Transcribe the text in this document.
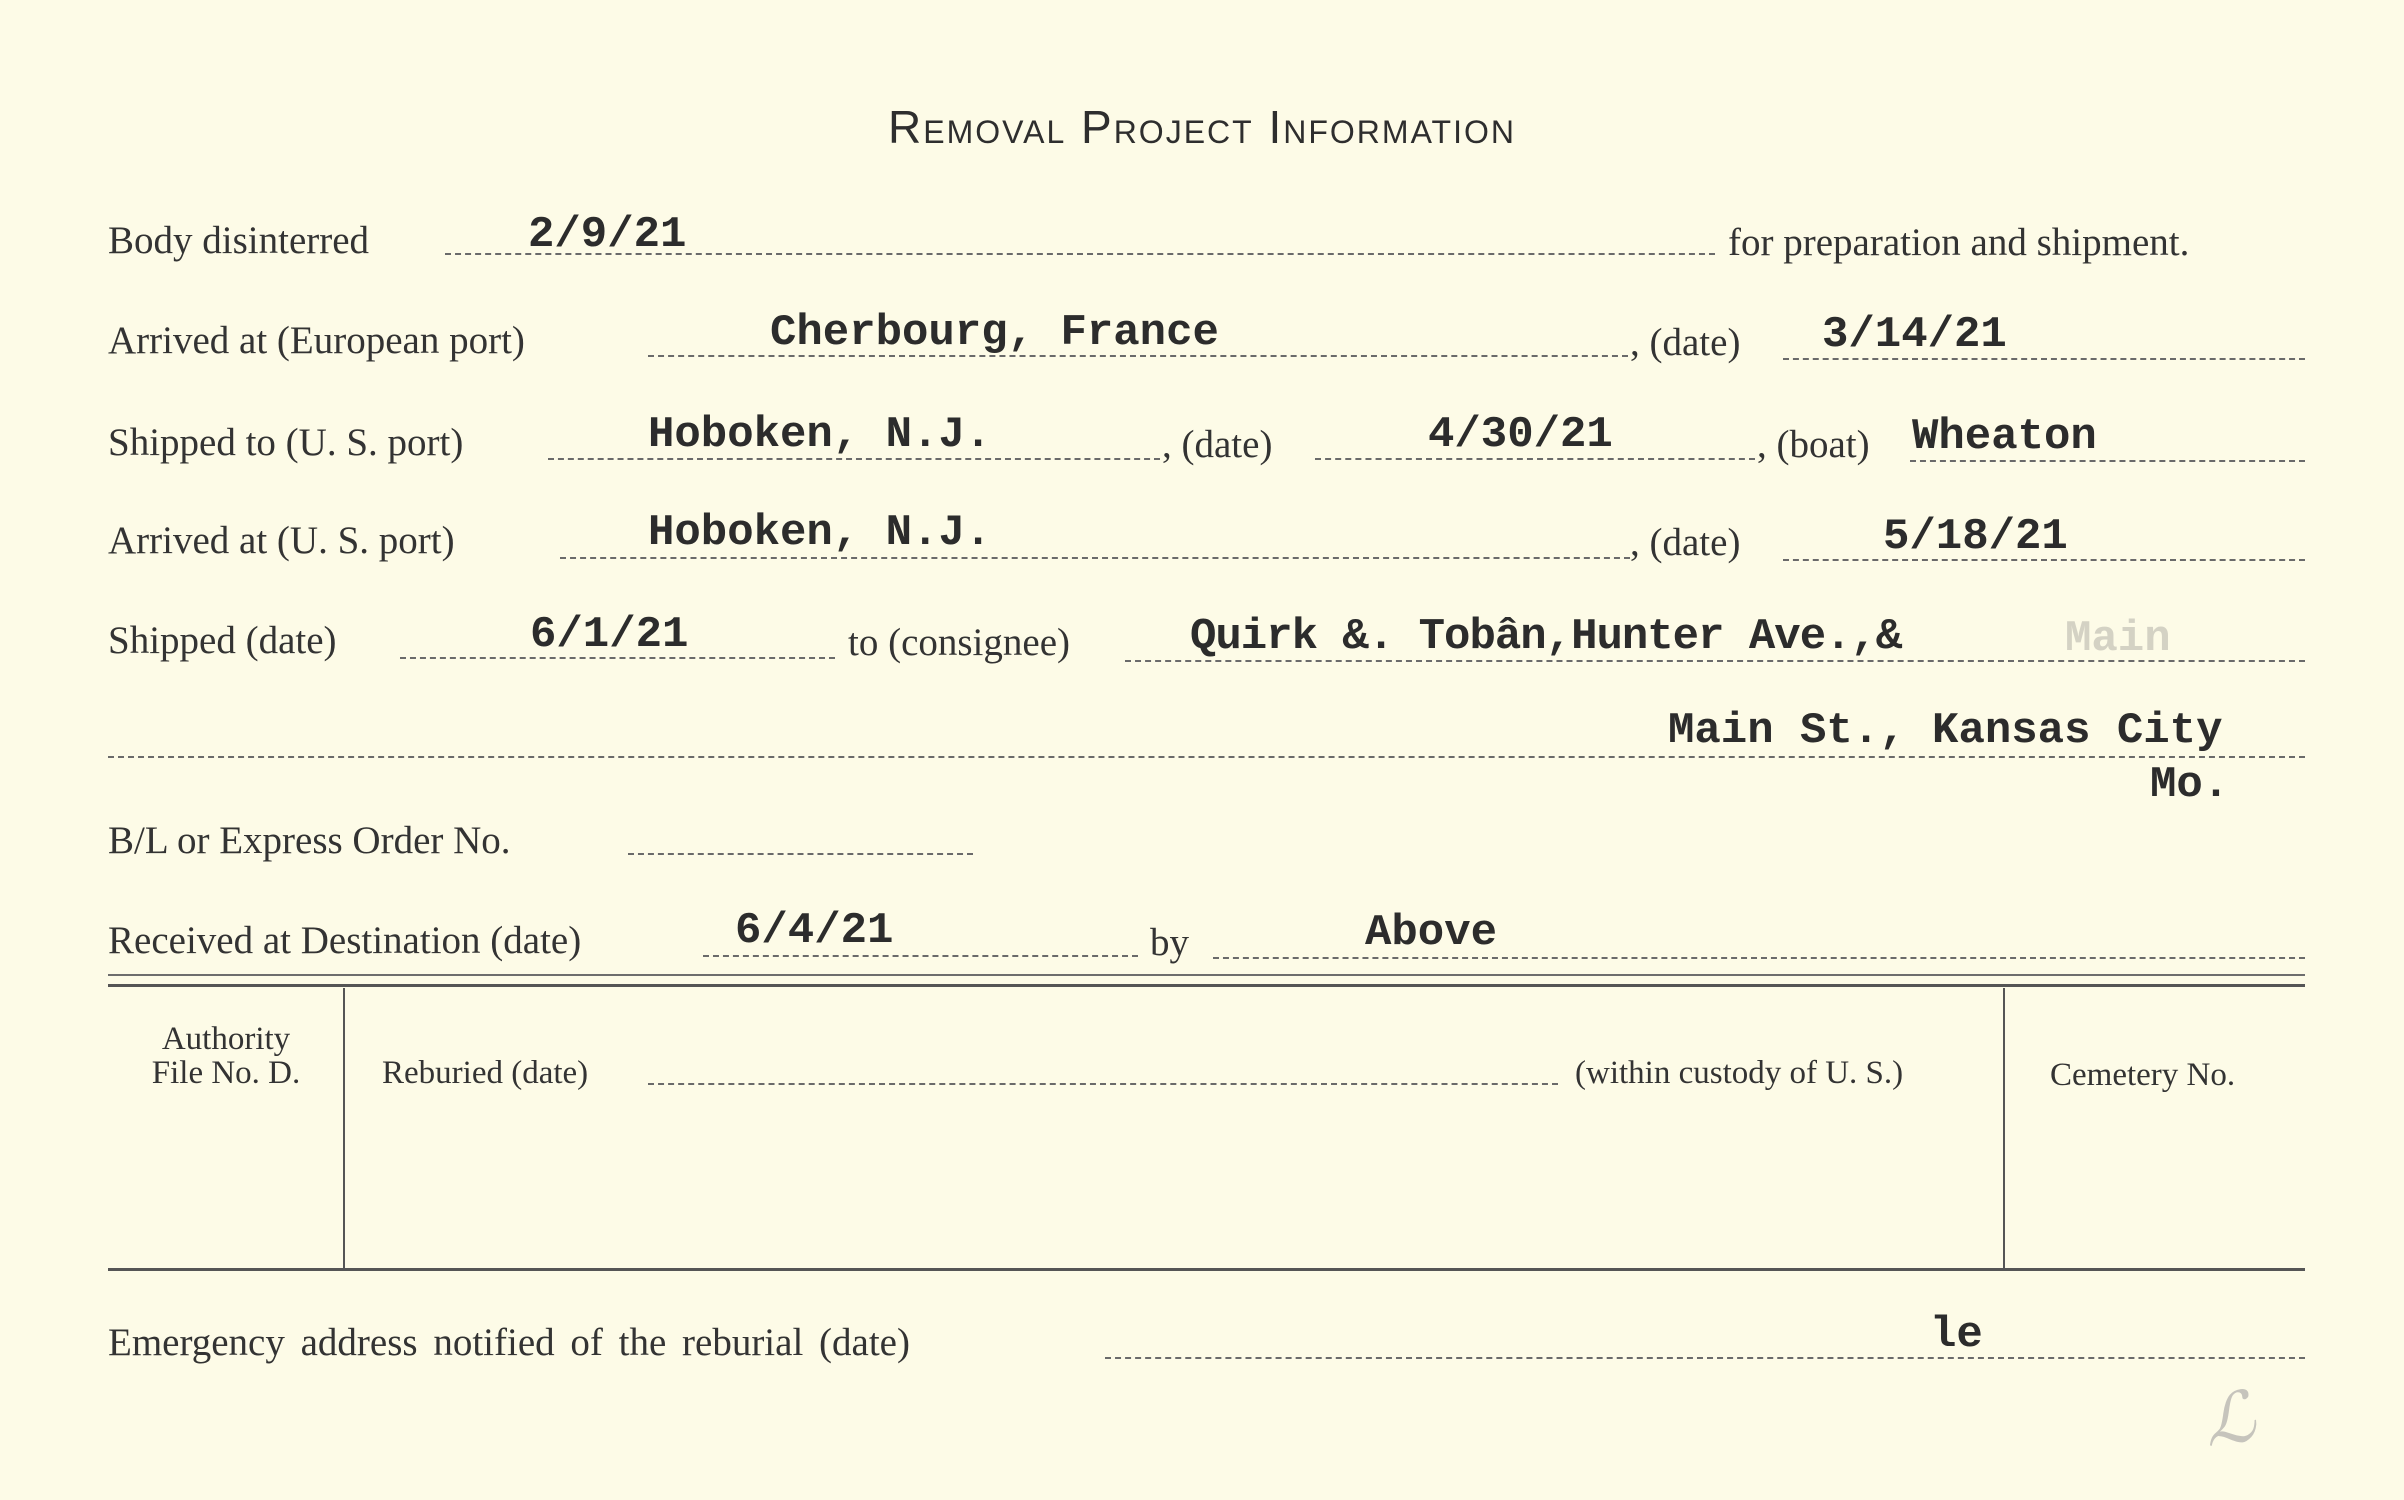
Removal Project Information
Body disinterred	2/9/21	for preparation and shipment.
Arrived at (European port)	Cherbourg, France	, (date) 3/14/21
Shipped to (U. S. port)	Hoboken, N.J.	, (date)	4/30/21	, (boat) Wheaton
Arrived at (U. S. port)	Hoboken, N.J.	, (date)	5/18/21
Shipped (date)	6/1/21	to (consignee)	Quirk &. Tobân,Hunter Ave.,&	Main
Main St., Kansas City
Mo.
B/L or Express Order No.
Received at Destination (date)	6/4/21	by	Above
Authority
File No. D.	Reburied (date)	(within custody of U. S.)	Cemetery No.
Emergency address notified of the reburial (date)	le
ℒ
